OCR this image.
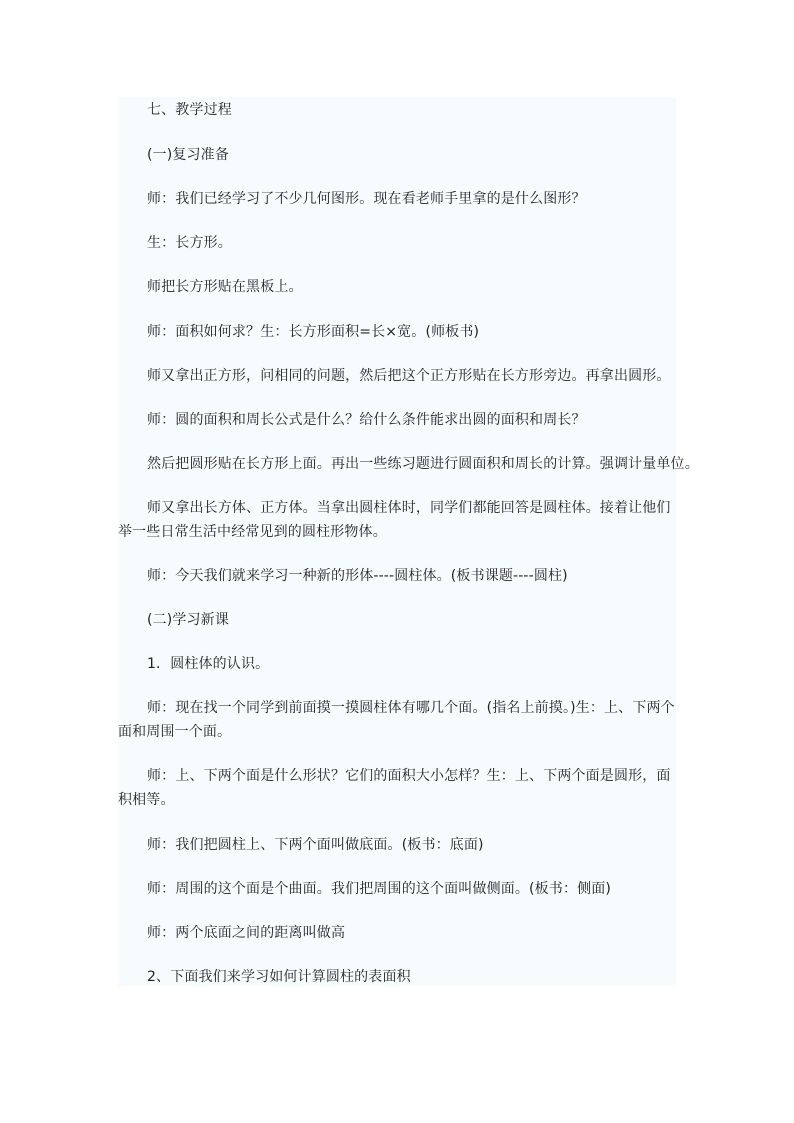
七、教学过程

(一)复习准备

师：我们已经学习了不少几何图形。现在看老师手里拿的是什么图形？

生：长方形。

师把长方形贴在黑板上。

师：面积如何求？生：长方形面积=长×宽。(师板书)

师又拿出正方形，问相同的问题，然后把这个正方形贴在长方形旁边。再拿出圆形。

师：圆的面积和周长公式是什么？给什么条件能求出圆的面积和周长？

然后把圆形贴在长方形上面。再出一些练习题进行圆面积和周长的计算。强调计量单位。

师又拿出长方体、正方体。当拿出圆柱体时，同学们都能回答是圆柱体。接着让他们举一些日常生活中经常见到的圆柱形物体。

师：今天我们就来学习一种新的形体----圆柱体。(板书课题----圆柱)

(二)学习新课

1．圆柱体的认识。

师：现在找一个同学到前面摸一摸圆柱体有哪几个面。(指名上前摸。)生：上、下两个面和周围一个面。

师：上、下两个面是什么形状？它们的面积大小怎样？生：上、下两个面是圆形，面积相等。

师：我们把圆柱上、下两个面叫做底面。(板书：底面)

师：周围的这个面是个曲面。我们把周围的这个面叫做侧面。(板书：侧面)

师：两个底面之间的距离叫做高

2、下面我们来学习如何计算圆柱的表面积
